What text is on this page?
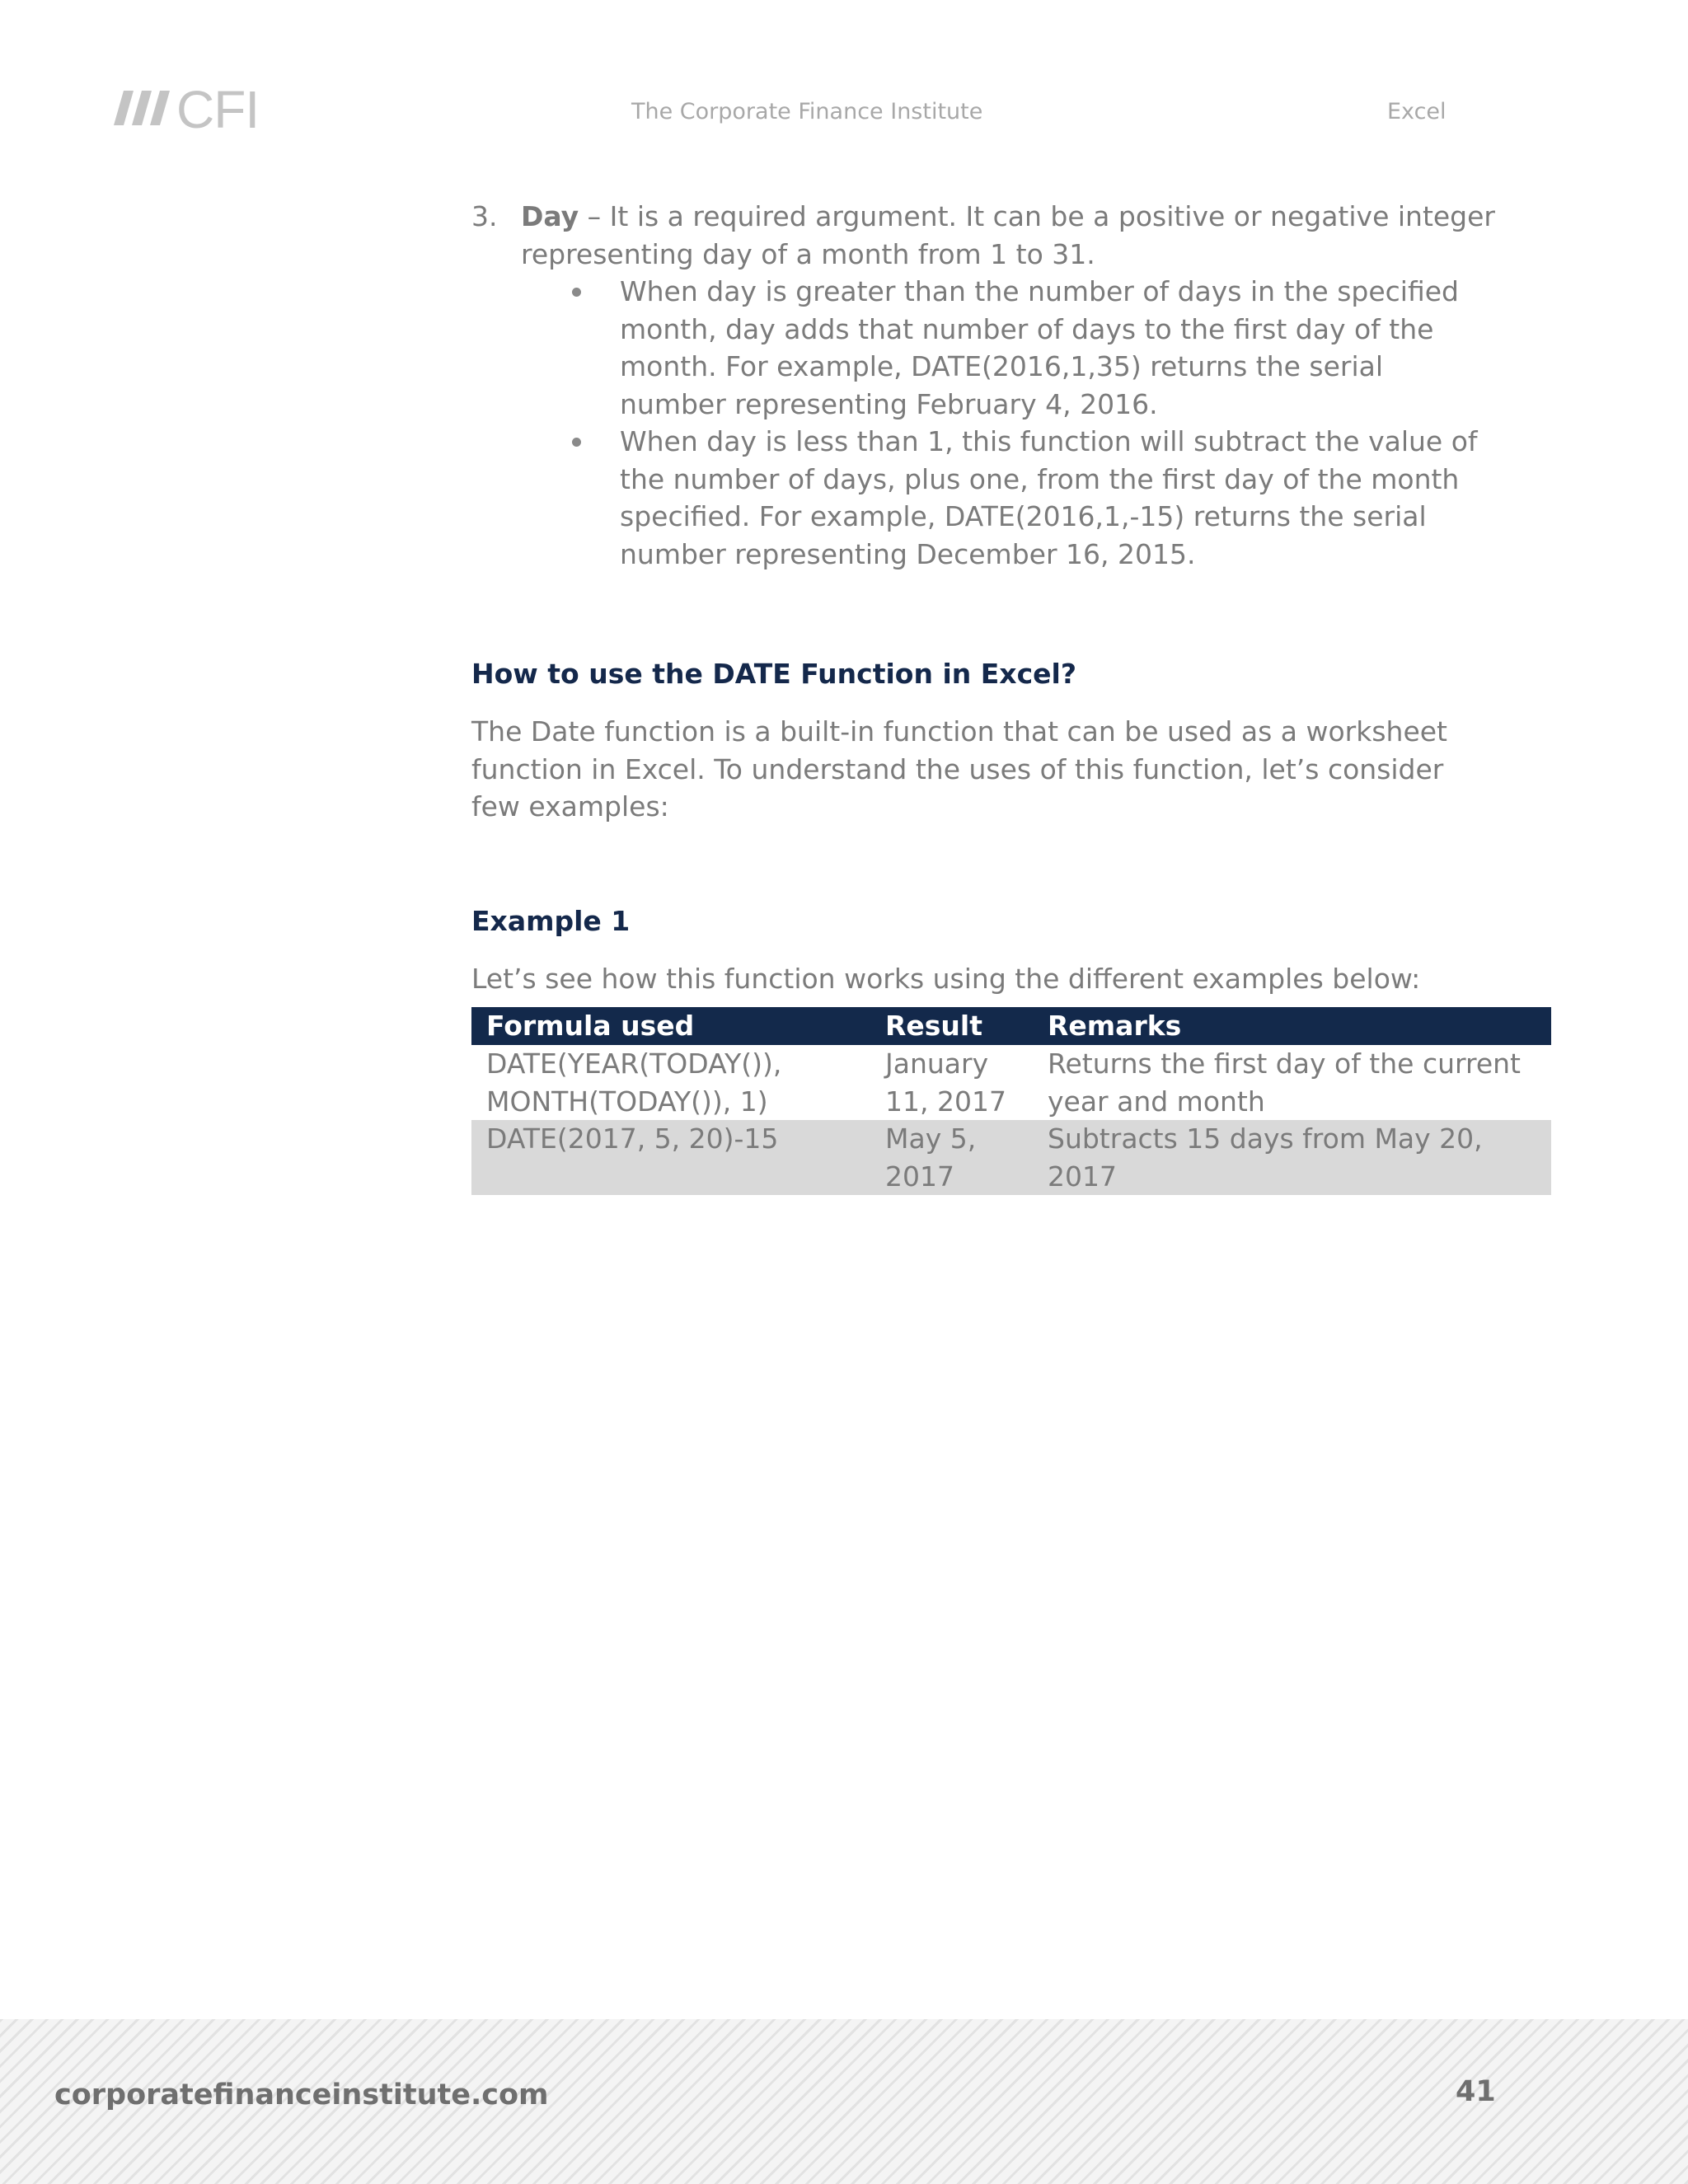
CFI	The Corporate Finance Institute	Excel
3. Day – It is a required argument. It can be a positive or negative integer representing day of a month from 1 to 31.
When day is greater than the number of days in the specified month, day adds that number of days to the first day of the month. For example, DATE(2016,1,35) returns the serial number representing February 4, 2016.
When day is less than 1, this function will subtract the value of the number of days, plus one, from the first day of the month specified. For example, DATE(2016,1,-15) returns the serial number representing December 16, 2015.
How to use the DATE Function in Excel?

The Date function is a built-in function that can be used as a worksheet function in Excel. To understand the uses of this function, let’s consider few examples:

Example 1

Let’s see how this function works using the different examples below:

Formula used	Result	Remarks
DATE(YEAR(TODAY()), MONTH(TODAY()), 1)	January 11, 2017	Returns the first day of the current year and month
DATE(2017, 5, 20)-15	May 5, 2017	Subtracts 15 days from May 20, 2017
corporatefinanceinstitute.com	41
